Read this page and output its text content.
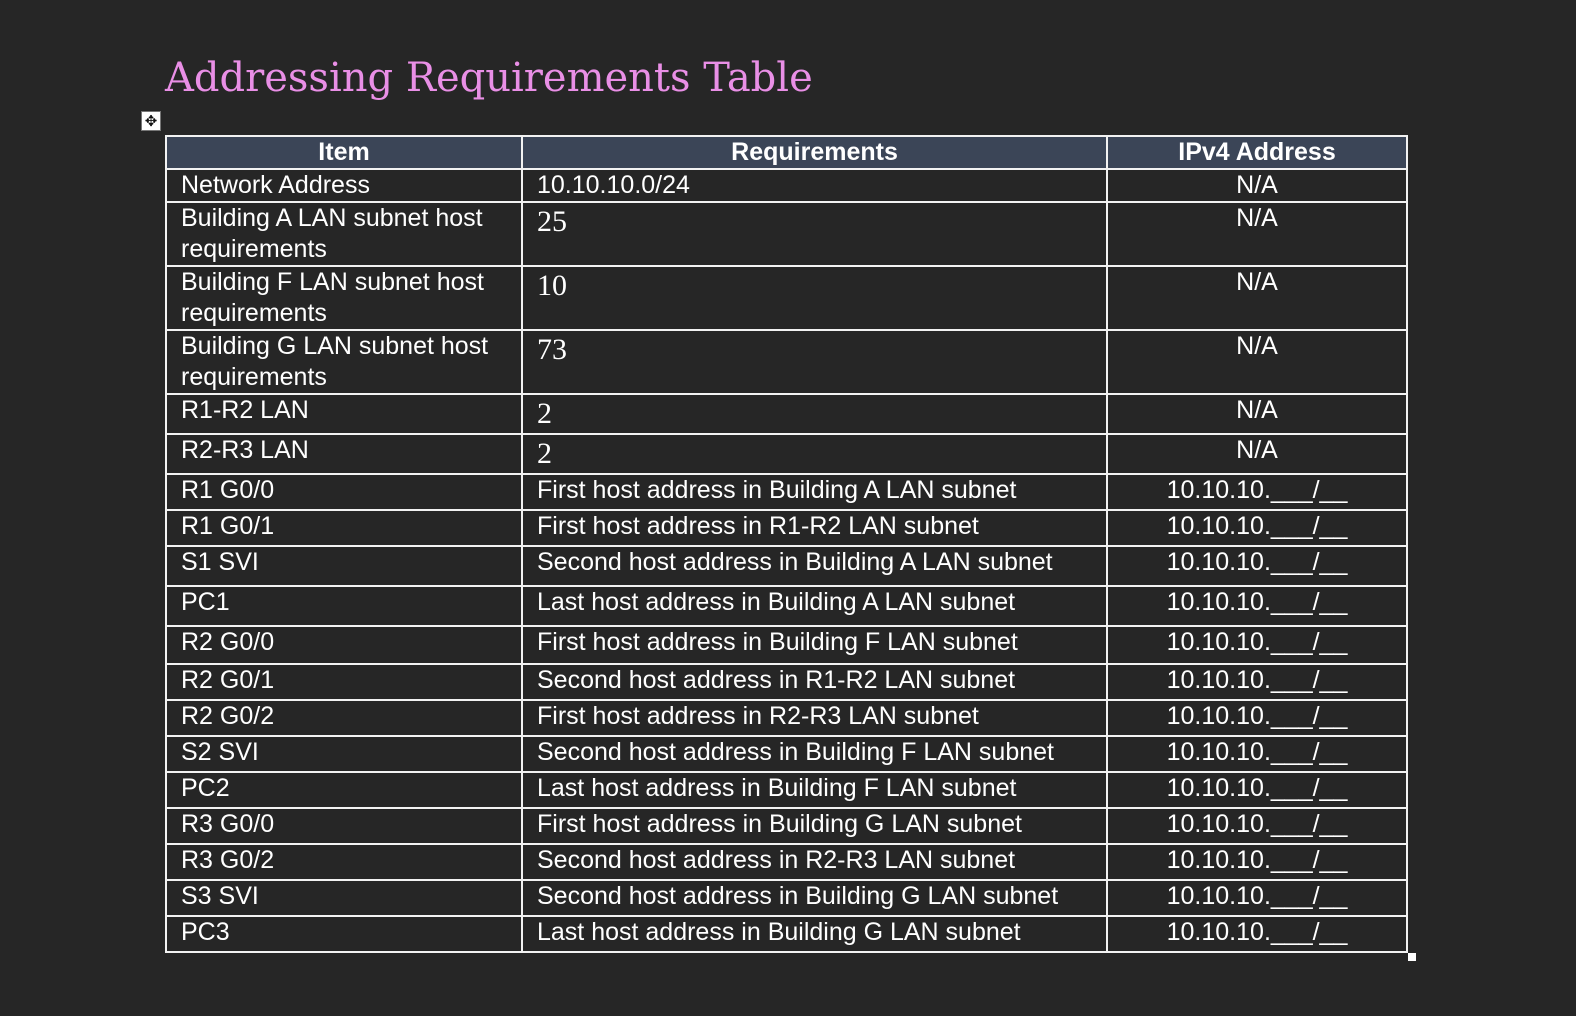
Addressing Requirements Table
✥
Item	Requirements	IPv4 Address
Network Address	10.10.10.0/24	N/A
Building A LAN subnet host requirements	25	N/A
Building F LAN subnet host requirements	10	N/A
Building G LAN subnet host requirements	73	N/A
R1-R2 LAN	2	N/A
R2-R3 LAN	2	N/A
R1 G0/0	First host address in Building A LAN subnet	10.10.10.___/__
R1 G0/1	First host address in R1-R2 LAN subnet	10.10.10.___/__
S1 SVI	Second host address in Building A LAN subnet	10.10.10.___/__
PC1	Last host address in Building A LAN subnet	10.10.10.___/__
R2 G0/0	First host address in Building F LAN subnet	10.10.10.___/__
R2 G0/1	Second host address in R1-R2 LAN subnet	10.10.10.___/__
R2 G0/2	First host address in R2-R3 LAN subnet	10.10.10.___/__
S2 SVI	Second host address in Building F LAN subnet	10.10.10.___/__
PC2	Last host address in Building F LAN subnet	10.10.10.___/__
R3 G0/0	First host address in Building G LAN subnet	10.10.10.___/__
R3 G0/2	Second host address in R2-R3 LAN subnet	10.10.10.___/__
S3 SVI	Second host address in Building G LAN subnet	10.10.10.___/__
PC3	Last host address in Building G LAN subnet	10.10.10.___/__
